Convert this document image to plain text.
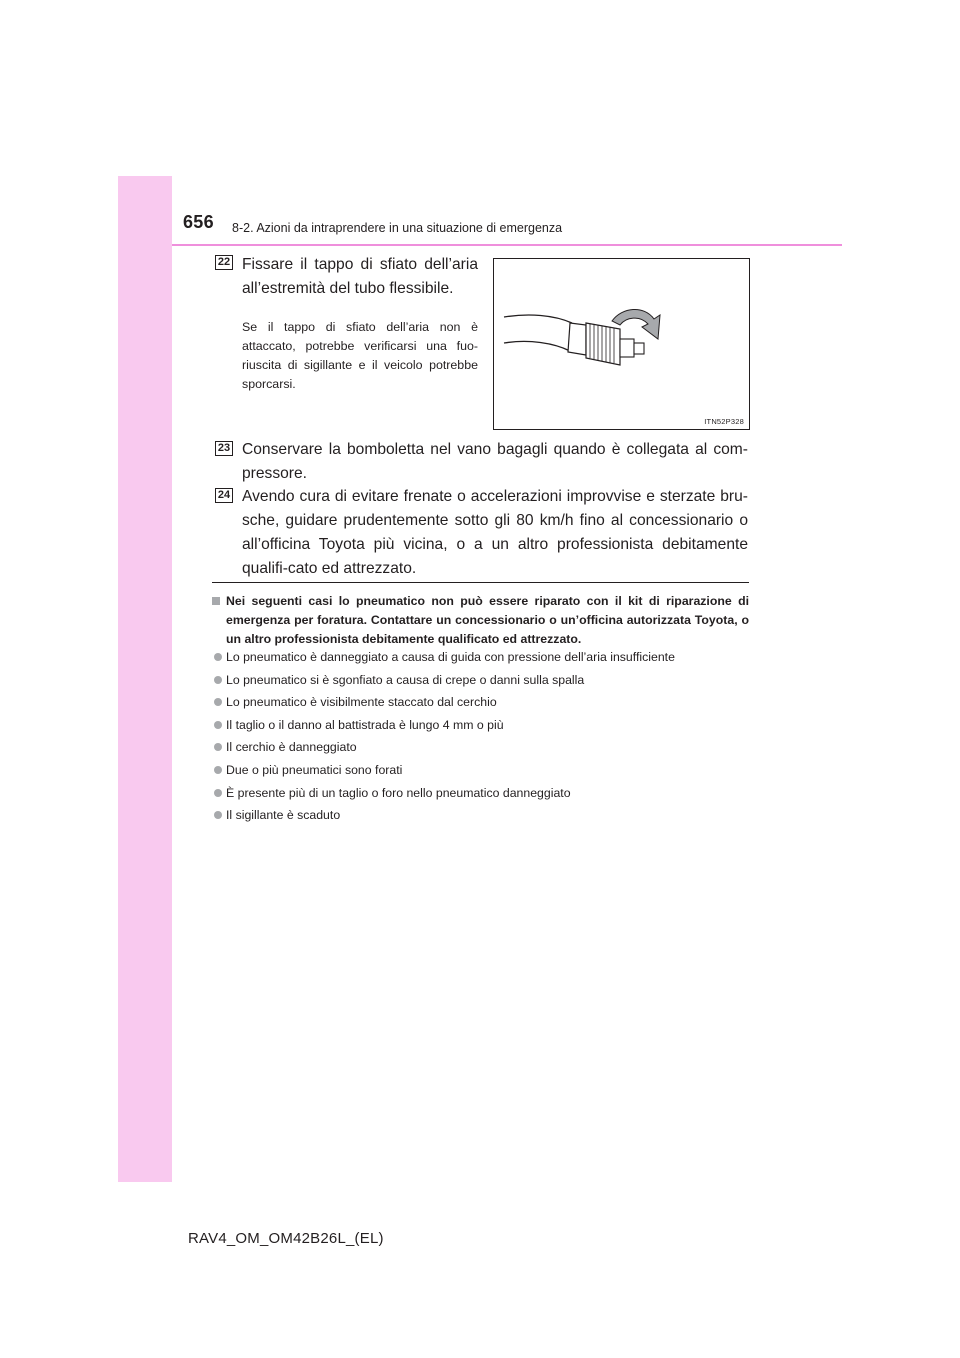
656 8-2. Azioni da intraprendere in una situazione di emergenza
22 Fissare il tappo di sfiato dell’aria all’estremità del tubo flessibile.
Se il tappo di sfiato dell’aria non è attaccato, potrebbe verificarsi una fuo-riuscita di sigillante e il veicolo potrebbe sporcarsi.
ITN52P328
23 Conservare la bomboletta nel vano bagagli quando è collegata al com-pressore.
24 Avendo cura di evitare frenate o accelerazioni improvvise e sterzate bru-sche, guidare prudentemente sotto gli 80 km/h fino al concessionario o all’officina Toyota più vicina, o a un altro professionista debitamente qualifi-cato ed attrezzato.
Nei seguenti casi lo pneumatico non può essere riparato con il kit di riparazione di emergenza per foratura. Contattare un concessionario o un’officina autorizzata Toyota, o un altro professionista debitamente qualificato ed attrezzato.
Lo pneumatico è danneggiato a causa di guida con pressione dell’aria insufficiente
Lo pneumatico si è sgonfiato a causa di crepe o danni sulla spalla
Lo pneumatico è visibilmente staccato dal cerchio
Il taglio o il danno al battistrada è lungo 4 mm o più
Il cerchio è danneggiato
Due o più pneumatici sono forati
È presente più di un taglio o foro nello pneumatico danneggiato
Il sigillante è scaduto
RAV4_OM_OM42B26L_(EL)
